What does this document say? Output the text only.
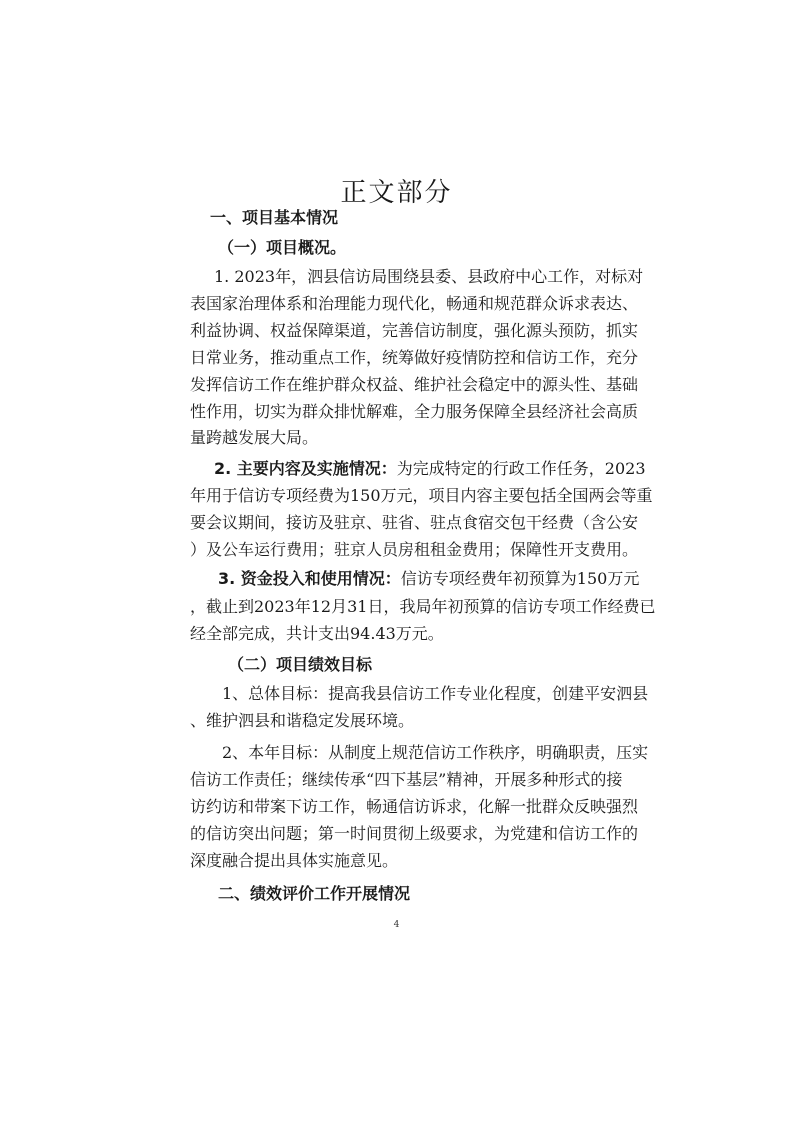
正文部分
一、项目基本情况
（一）项目概况。
1. 2023年，泗县信访局围绕县委、县政府中心工作，对标对
表国家治理体系和治理能力现代化，畅通和规范群众诉求表达、
利益协调、权益保障渠道，完善信访制度，强化源头预防，抓实
日常业务，推动重点工作，统筹做好疫情防控和信访工作，充分
发挥信访工作在维护群众权益、维护社会稳定中的源头性、基础
性作用，切实为群众排忧解难，全力服务保障全县经济社会高质
量跨越发展大局。
2. 主要内容及实施情况： 为完成特定的行政工作任务，2023
年用于信访专项经费为150万元，项目内容主要包括全国两会等重
要会议期间，接访及驻京、驻省、驻点食宿交包干经费（含公安
）及公车运行费用；驻京人员房租租金费用；保障性开支费用。
3. 资金投入和使用情况： 信访专项经费年初预算为150万元
，截止到2023年12月31日，我局年初预算的信访专项工作经费已
经全部完成，共计支出94.43万元。
（二）项目绩效目标
1、总体目标：提高我县信访工作专业化程度，创建平安泗县
、维护泗县和谐稳定发展环境。
2、本年目标：从制度上规范信访工作秩序，明确职责，压实
信访工作责任；继续传承“四下基层”精神，开展多种形式的接
访约访和带案下访工作，畅通信访诉求，化解一批群众反映强烈
的信访突出问题；第一时间贯彻上级要求，为党建和信访工作的
深度融合提出具体实施意见。
二、绩效评价工作开展情况
4
